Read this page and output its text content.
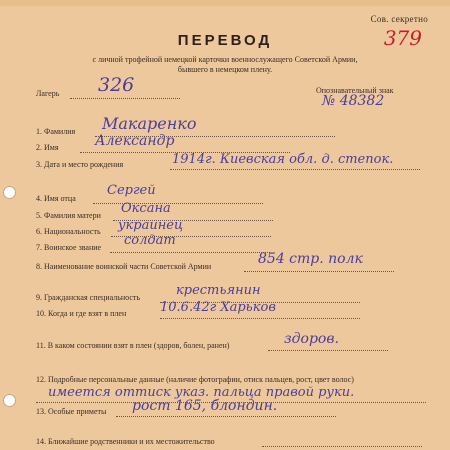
Сов. секретно
379
ПЕРЕВОД
с личной трофейной немецкой карточки военнослужащего Советской Армии,
бывшего в немецком плену.
Лагерь 326	Опознавательный знак
№ 48382
1. Фамилия Макаренко
2. Имя	Александр
3. Дата и место рождения	1914г. Киевская обл. д. степок.
4. Имя отца
Сергей
5. Фамилия матери Оксана
6. Национальность украинец
7. Воинское звание солдат
8. Наименование воинской части Советской Армии	854 стр. полк
9. Гражданская специальность	крестьянин
10. Когда и где взят в плен	10.6.42г Харьков
11. В каком состоянии взят в плен (здоров, болен, ранен)	здоров.
12. Подробные персональные данные (наличие фотографии, отиск пальцев, рост, цвет волос)
имеется оттиск указ. пальца правой руки.
13. Особые приметы рост 165, блондин.
14. Ближайшие родственники и их местожительство
